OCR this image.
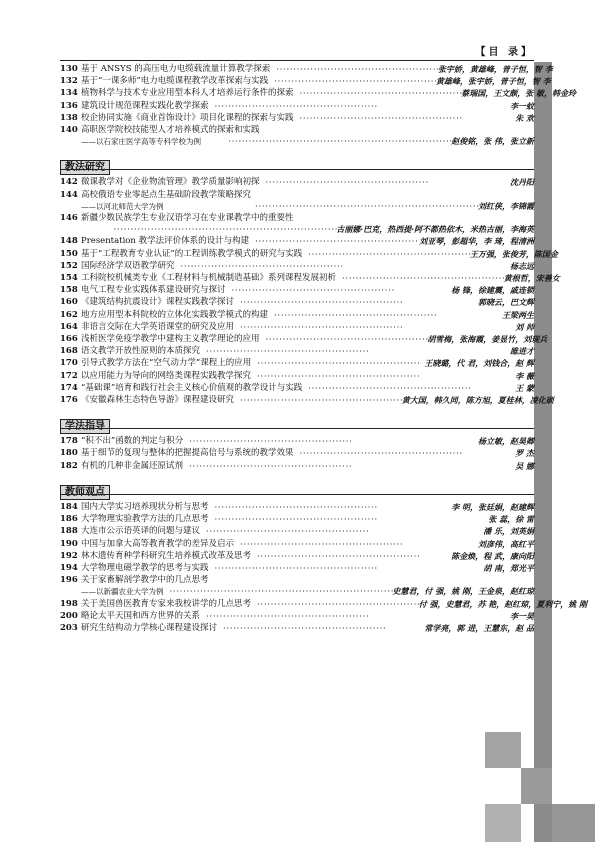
【目 录】
130 基于 ANSYS 的高压电力电缆载流量计算教学探索 · · · · · · · · · · · · · · · · · · · · · · · · · · · · · · · · · · · · · · · · · · · · · · · · 张宇娇，黄雄峰，普子恒，智 李
132 基于“一课多师”电力电缆课程教学改革探索与实践 · · · · · · · · · · · · · · · · · · · · · · · · · · · · · · · · · · · · · · · · · · · · · · · · 黄雄峰，张宇娇，普子恒，智 李
134 植物科学与技术专业应用型本科人才培养运行条件的探索 · · · · · · · · · · · · · · · · · · · · · · · · · · · · · · · · · · · · · · · · · · · · · · · · 蔡瑞国，王文颇，张 敏，韩金玲
136 建筑设计规范课程实践化教学探索 · · · · · · · · · · · · · · · · · · · · · · · · · · · · · · · · · · · · · · · · · · · · · · · ·	李一蚊
138 校企协同实施《商业首饰设计》项目化课程的探索与实践 · · · · · · · · · · · · · · · · · · · · · · · · · · · · · · · · · · · · · · · · · · · · · · · ·	朱 欢
140 高职医学院校技能型人才培养模式的探索和实践
——以石家庄医学高等专科学校为例	· · · · · · · · · · · · · · · · · · · · · · · · · · · · · · · · · · · · · · · · · · · · · · · · · · · · · · · · · · · · · · · · · · 赵俊铭，张 伟，张立新
教法研究
142 微课教学对《企业物流管理》教学质量影响初探 · · · · · · · · · · · · · · · · · · · · · · · · · · · · · · · · · · · · · · · · · · · · · · · ·	沈丹阳
144 高校俄语专业零起点生基础阶段教学策略探究
——以河北师范大学为例	· · · · · · · · · · · · · · · · · · · · · · · · · · · · · · · · · · · · · · · · · · · · · · · · · · · · · · · · · · · · · · · · · · 刘红侠，李锦霞
146 新疆少数民族学生专业汉语学习在专业课教学中的重要性
· · · · · · · · · · · · · · · · · · · · · · · · · · · · · · · · · · · · · · · · · · · · · · · · · · · · · · · · · · · · · · · · · · 古丽娜·巴克，热西提·阿不都热依木，米热古丽，李海英
148 Presentation 教学法评价体系的设计与构建 · · · · · · · · · · · · · · · · · · · · · · · · · · · · · · · · · · · · · · · · · · · · · · · · 刘亚琴，彭超华，李 琦，程清洲
150 基于“工程教育专业认证”的工程训练教学模式的研究与实践 · · · · · · · · · · · · · · · · · · · · · · · · · · · · · · · · · · · · · · · · · · · · · · · · 王万强，张俊芳，陈国金
152 国际经济学双语教学研究 · · · · · · · · · · · · · · · · · · · · · · · · · · · · · · · · · · · · · · · · · · · · · · · ·	杨志远
154 工科院校机械类专业《工程材料与机械制造基础》系列课程发展初析 · · · · · · · · · · · · · · · · · · · · · · · · · · · · · · · · · · · · · · · · · · · · · · · · 黄根哲，宋善女
158 电气工程专业实践体系建设研究与探讨 · · · · · · · · · · · · · · · · · · · · · · · · · · · · · · · · · · · · · · · · · · · · · · · ·	杨 锋，徐建震，戚连锁
160 《建筑结构抗震设计》课程实践教学探讨 · · · · · · · · · · · · · · · · · · · · · · · · · · · · · · · · · · · · · · · · · · · · · · · ·	郭晓云，巴文辉
162 地方应用型本科院校的立体化实践教学模式的构建 · · · · · · · · · · · · · · · · · · · · · · · · · · · · · · · · · · · · · · · · · · · · · · · ·	王梁两生
164 非语言交际在大学英语课堂的研究及应用 · · · · · · · · · · · · · · · · · · · · · · · · · · · · · · · · · · · · · · · · · · · · · · · ·	刘 帅
166 浅析医学免疫学教学中建构主义教学理论的应用 · · · · · · · · · · · · · · · · · · · · · · · · · · · · · · · · · · · · · · · · · · · · · · · · 胡雪梅，张海霞，姜显竹，刘现兵
168 语文教学开放性原则的本质探究 · · · · · · · · · · · · · · · · · · · · · · · · · · · · · · · · · · · · · · · · · · · · · · · ·	雎进才
170 引导式教学方法在“空气动力学”课程上的应用 · · · · · · · · · · · · · · · · · · · · · · · · · · · · · · · · · · · · · · · · · · · · · · · · 王晓璐，代 君，刘钱合，赵 辉
172 以应用能力为导向的网络类课程实践教学探究 · · · · · · · · · · · · · · · · · · · · · · · · · · · · · · · · · · · · · · · · · · · · · · · ·	李 薇
174 “基础课”培育和践行社会主义核心价值观的教学设计与实践 · · · · · · · · · · · · · · · · · · · · · · · · · · · · · · · · · · · · · · · · · · · · · · · ·	王 蒙
176 《安徽森林生态特色导游》课程建设研究 · · · · · · · · · · · · · · · · · · · · · · · · · · · · · · · · · · · · · · · · · · · · · · · · 黄大国，韩久同，陈方旭，夏桂林，凌化硕
学法指导
178 “积不出”函数的判定与积分 · · · · · · · · · · · · · · · · · · · · · · · · · · · · · · · · · · · · · · · · · · · · · · · ·	杨立敏，赵昊卿
180 基于细节的复现与整体的把握提高信号与系统的教学效果 · · · · · · · · · · · · · · · · · · · · · · · · · · · · · · · · · · · · · · · · · · · · · · · ·	罗 杰
182 有机的几种非金属还原试剂 · · · · · · · · · · · · · · · · · · · · · · · · · · · · · · · · · · · · · · · · · · · · · · · ·	吴 娜
教师观点
184 国内大学实习培养现状分析与思考 · · · · · · · · · · · · · · · · · · · · · · · · · · · · · · · · · · · · · · · · · · · · · · · ·	李 明，张廷娟，赵建辉
186 大学物理实验教学方法的几点思考 · · · · · · · · · · · · · · · · · · · · · · · · · · · · · · · · · · · · · · · · · · · · · · · ·	张 蕊，徐 雷
188 大连市公示语英译的问题与建议 · · · · · · · · · · · · · · · · · · · · · · · · · · · · · · · · · · · · · · · · · · · · · · · ·	潘 乐，刘英娟
190 中国与加拿大高等教育教学的差异及启示 · · · · · · · · · · · · · · · · · · · · · · · · · · · · · · · · · · · · · · · · · · · · · · · ·	刘彦伟，高红平
192 林木遗传育种学科研究生培养模式改革及思考 · · · · · · · · · · · · · · · · · · · · · · · · · · · · · · · · · · · · · · · · · · · · · · · ·	陈金焕，程 武，康向阳
194 大学物理电磁学教学的思考与实践 · · · · · · · · · · · · · · · · · · · · · · · · · · · · · · · · · · · · · · · · · · · · · · · ·	胡 南，郑光平
196 关于家畜解剖学教学中的几点思考
——以新疆农业大学为例 · · · · · · · · · · · · · · · · · · · · · · · · · · · · · · · · · · · · · · · · · · · · · · · · · · · · · · · · · · · · · · · · · · 史慧君，付 强，姚 刚，王金泉，赵红琼
198 关于美国兽医教育专家来我校讲学的几点思考 · · · · · · · · · · · · · · · · · · · · · · · · · · · · · · · · · · · · · · · · · · · · · · · · 付 强，史慧君，苏 艳，赵红琼，夏利宁，姚 刚
200 略论太平天国和西方世界的关系 · · · · · · · · · · · · · · · · · · · · · · · · · · · · · · · · · · · · · · · · · · · · · · · ·	李一昊
203 研究生结构动力学核心课程建设探讨 · · · · · · · · · · · · · · · · · · · · · · · · · · · · · · · · · · · · · · · · · · · · · · · ·	常学亮，郭 进，王慧东，赵 品
